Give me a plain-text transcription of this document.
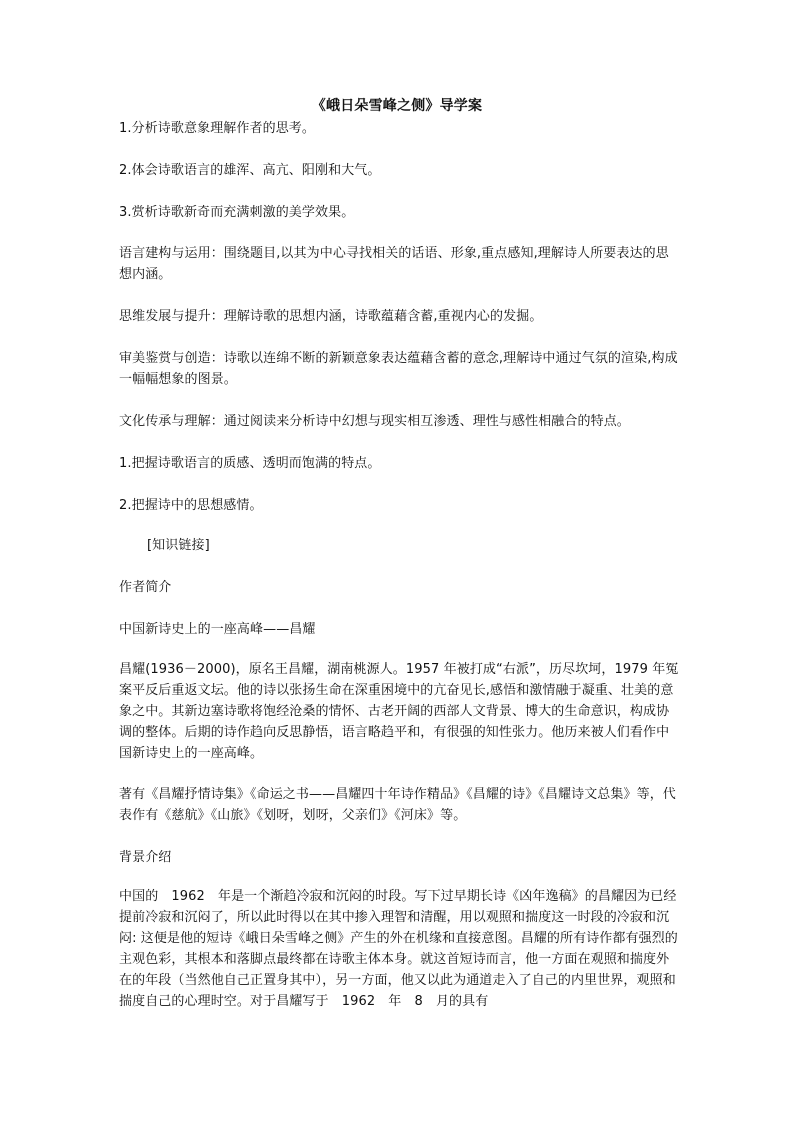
《峨日朵雪峰之侧》导学案

1.分析诗歌意象理解作者的思考。

2.体会诗歌语言的雄浑、高亢、阳刚和大气。

3.赏析诗歌新奇而充满刺激的美学效果。

语言建构与运用：围绕题目,以其为中心寻找相关的话语、形象,重点感知,理解诗人所要表达的思想内涵。

思维发展与提升：理解诗歌的思想内涵，诗歌蕴藉含蓄,重视内心的发掘。

审美鉴赏与创造：诗歌以连绵不断的新颖意象表达蕴藉含蓄的意念,理解诗中通过气氛的渲染,构成一幅幅想象的图景。

文化传承与理解：通过阅读来分析诗中幻想与现实相互渗透、理性与感性相融合的特点。

1.把握诗歌语言的质感、透明而饱满的特点。

2.把握诗中的思想感情。

[知识链接]

作者简介

中国新诗史上的一座高峰——昌耀

昌耀(1936－2000)，原名王昌耀，湖南桃源人。1957 年被打成“右派”，历尽坎坷，1979 年冤案平反后重返文坛。他的诗以张扬生命在深重困境中的亢奋见长,感悟和激情融于凝重、壮美的意象之中。其新边塞诗歌将饱经沧桑的情怀、古老开阔的西部人文背景、博大的生命意识，构成协调的整体。后期的诗作趋向反思静悟，语言略趋平和，有很强的知性张力。他历来被人们看作中国新诗史上的一座高峰。

著有《昌耀抒情诗集》《命运之书——昌耀四十年诗作精品》《昌耀的诗》《昌耀诗文总集》等，代表作有《慈航》《山旅》《划呀，划呀，父亲们》《河床》等。

背景介绍

中国的　1962　年是一个渐趋冷寂和沉闷的时段。写下过早期长诗《凶年逸稿》的昌耀因为已经提前冷寂和沉闷了，所以此时得以在其中掺入理智和清醒，用以观照和揣度这一时段的冷寂和沉闷: 这便是他的短诗《峨日朵雪峰之侧》产生的外在机缘和直接意图。昌耀的所有诗作都有强烈的主观色彩，其根本和落脚点最终都在诗歌主体本身。就这首短诗而言，他一方面在观照和揣度外在的年段（当然他自己正置身其中），另一方面，他又以此为通道走入了自己的内里世界，观照和揣度自己的心理时空。对于昌耀写于　1962　年　8　月的具有
